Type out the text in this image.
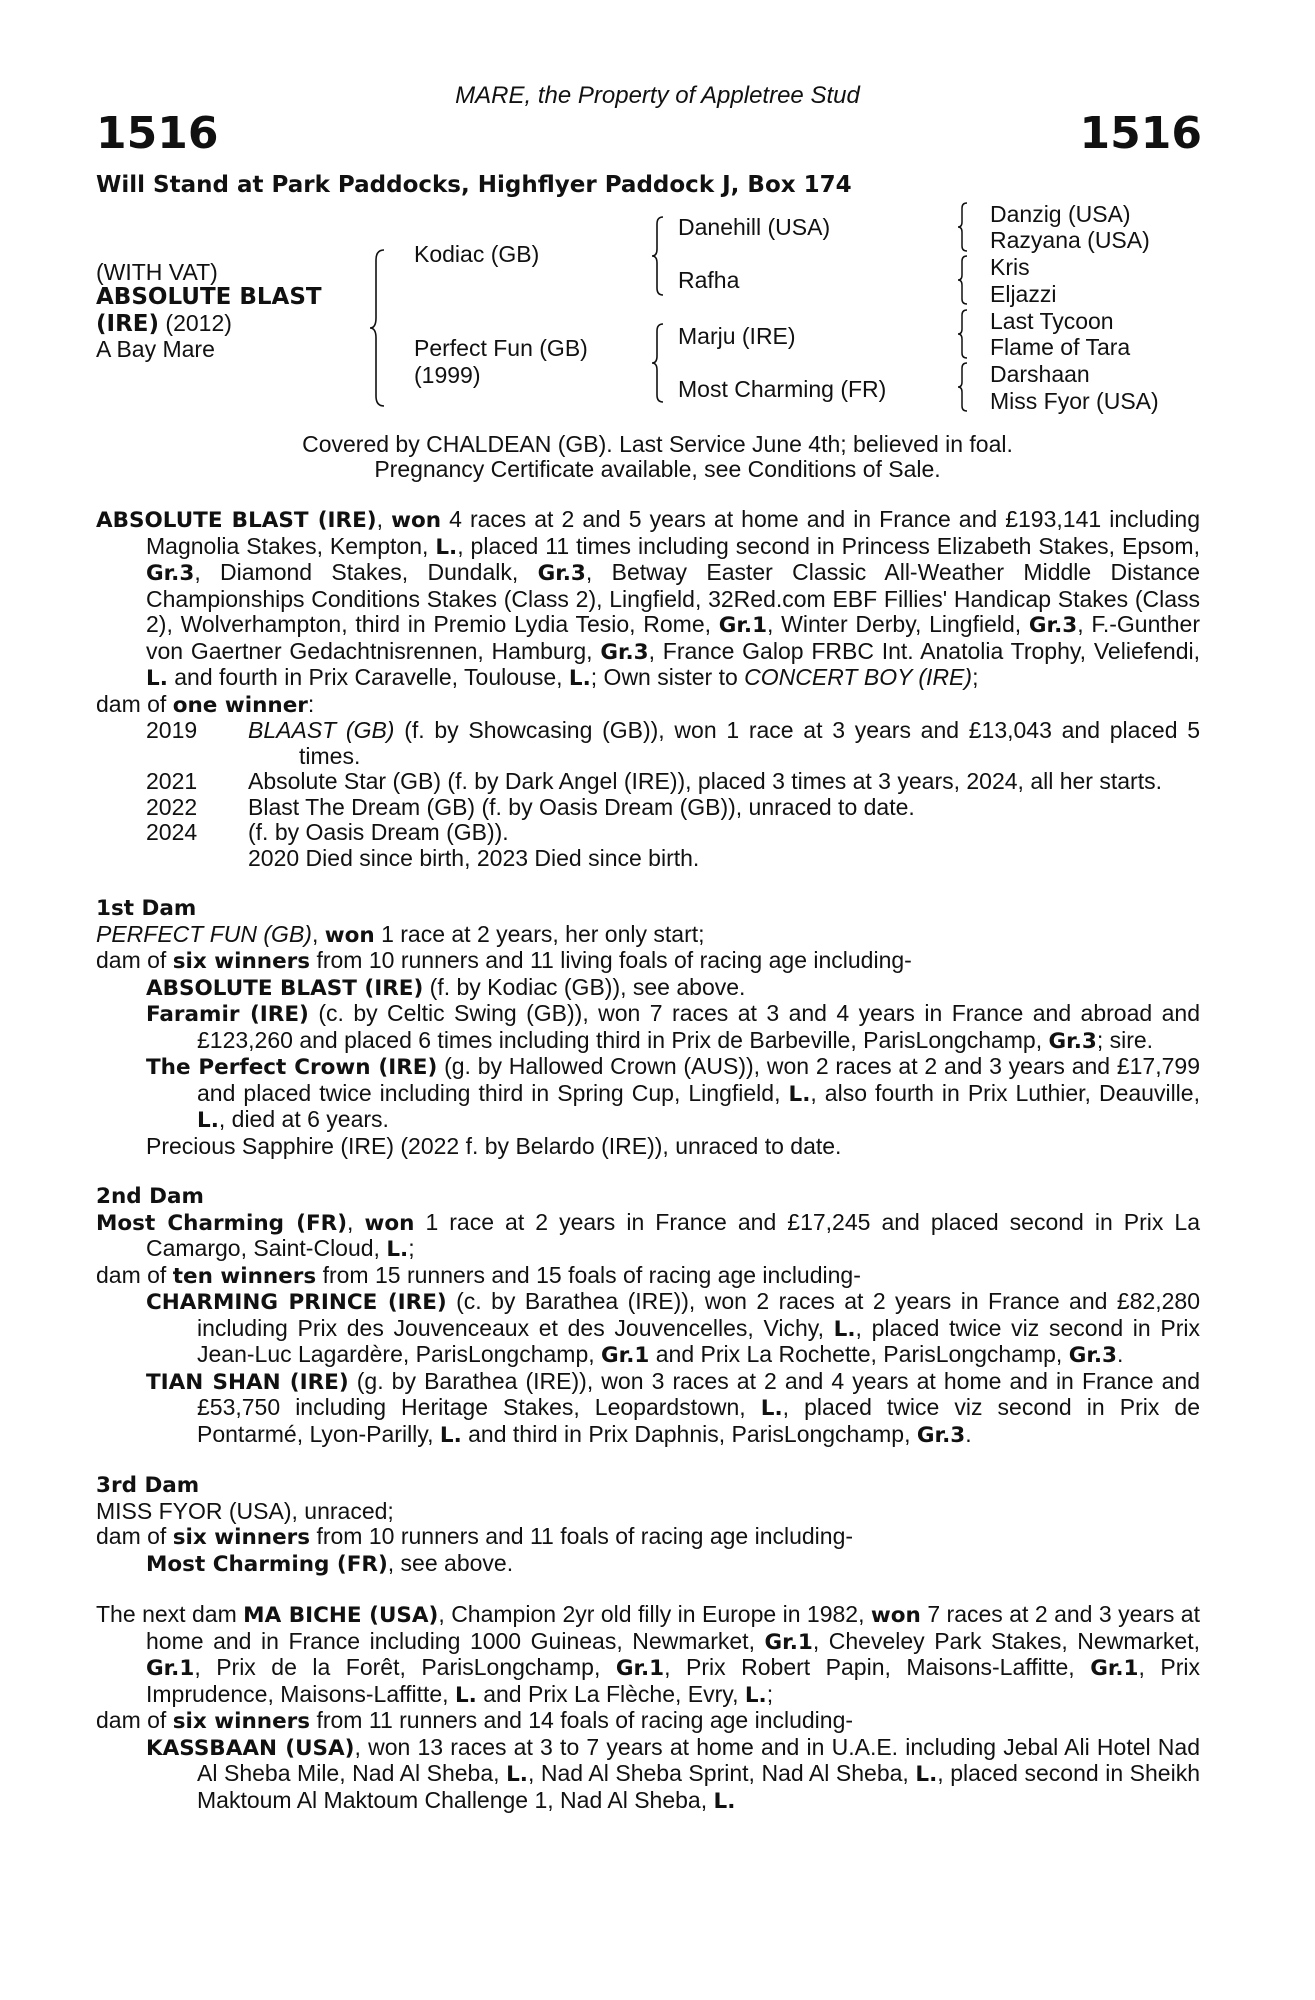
MARE, the Property of Appletree Stud
1516	1516
Will Stand at Park Paddocks, Highflyer Paddock J, Box 174
(WITH VAT)
ABSOLUTE BLAST
(IRE) (2012)
A Bay Mare
Kodiac (GB)
Perfect Fun (GB)
(1999)
Danehill (USA)
Rafha
Marju (IRE)
Most Charming (FR)
Danzig (USA)
Razyana (USA)
Kris
Eljazzi
Last Tycoon
Flame of Tara
Darshaan
Miss Fyor (USA)
Covered by CHALDEAN (GB). Last Service June 4th; believed in foal.
Pregnancy Certificate available, see Conditions of Sale.

ABSOLUTE BLAST (IRE), won 4 races at 2 and 5 years at home and in France and £193,141 including Magnolia Stakes, Kempton, L., placed 11 times including second in Princess Elizabeth Stakes, Epsom, Gr.3, Diamond Stakes, Dundalk, Gr.3, Betway Easter Classic All-Weather Middle Distance Championships Conditions Stakes (Class 2), Lingfield, 32Red.com EBF Fillies' Handicap Stakes (Class 2), Wolverhampton, third in Premio Lydia Tesio, Rome, Gr.1, Winter Derby, Lingfield, Gr.3, F.-Gunther von Gaertner Gedachtnisrennen, Hamburg, Gr.3, France Galop FRBC Int. Anatolia Trophy, Veliefendi, L. and fourth in Prix Caravelle, Toulouse, L.; Own sister to CONCERT BOY (IRE);

dam of one winner:

2019 BLAAST (GB) (f. by Showcasing (GB)), won 1 race at 3 years and £13,043 and placed 5 times.
2021 Absolute Star (GB) (f. by Dark Angel (IRE)), placed 3 times at 3 years, 2024, all her starts.
2022 Blast The Dream (GB) (f. by Oasis Dream (GB)), unraced to date.
2024 (f. by Oasis Dream (GB)).
2020 Died since birth, 2023 Died since birth.

1st Dam

PERFECT FUN (GB), won 1 race at 2 years, her only start;

dam of six winners from 10 runners and 11 living foals of racing age including-

ABSOLUTE BLAST (IRE) (f. by Kodiac (GB)), see above.

Faramir (IRE) (c. by Celtic Swing (GB)), won 7 races at 3 and 4 years in France and abroad and £123,260 and placed 6 times including third in Prix de Barbeville, ParisLongchamp, Gr.3; sire.

The Perfect Crown (IRE) (g. by Hallowed Crown (AUS)), won 2 races at 2 and 3 years and £17,799 and placed twice including third in Spring Cup, Lingfield, L., also fourth in Prix Luthier, Deauville, L., died at 6 years.

Precious Sapphire (IRE) (2022 f. by Belardo (IRE)), unraced to date.

2nd Dam

Most Charming (FR), won 1 race at 2 years in France and £17,245 and placed second in Prix La Camargo, Saint-Cloud, L.;

dam of ten winners from 15 runners and 15 foals of racing age including-

CHARMING PRINCE (IRE) (c. by Barathea (IRE)), won 2 races at 2 years in France and £82,280 including Prix des Jouvenceaux et des Jouvencelles, Vichy, L., placed twice viz second in Prix Jean-Luc Lagardère, ParisLongchamp, Gr.1 and Prix La Rochette, ParisLongchamp, Gr.3.

TIAN SHAN (IRE) (g. by Barathea (IRE)), won 3 races at 2 and 4 years at home and in France and £53,750 including Heritage Stakes, Leopardstown, L., placed twice viz second in Prix de Pontarmé, Lyon-Parilly, L. and third in Prix Daphnis, ParisLongchamp, Gr.3.

3rd Dam

MISS FYOR (USA), unraced;

dam of six winners from 10 runners and 11 foals of racing age including-

Most Charming (FR), see above.

The next dam MA BICHE (USA), Champion 2yr old filly in Europe in 1982, won 7 races at 2 and 3 years at home and in France including 1000 Guineas, Newmarket, Gr.1, Cheveley Park Stakes, Newmarket, Gr.1, Prix de la Forêt, ParisLongchamp, Gr.1, Prix Robert Papin, Maisons-Laffitte, Gr.1, Prix Imprudence, Maisons-Laffitte, L. and Prix La Flèche, Evry, L.;

dam of six winners from 11 runners and 14 foals of racing age including-

KASSBAAN (USA), won 13 races at 3 to 7 years at home and in U.A.E. including Jebal Ali Hotel Nad Al Sheba Mile, Nad Al Sheba, L., Nad Al Sheba Sprint, Nad Al Sheba, L., placed second in Sheikh Maktoum Al Maktoum Challenge 1, Nad Al Sheba, L.
